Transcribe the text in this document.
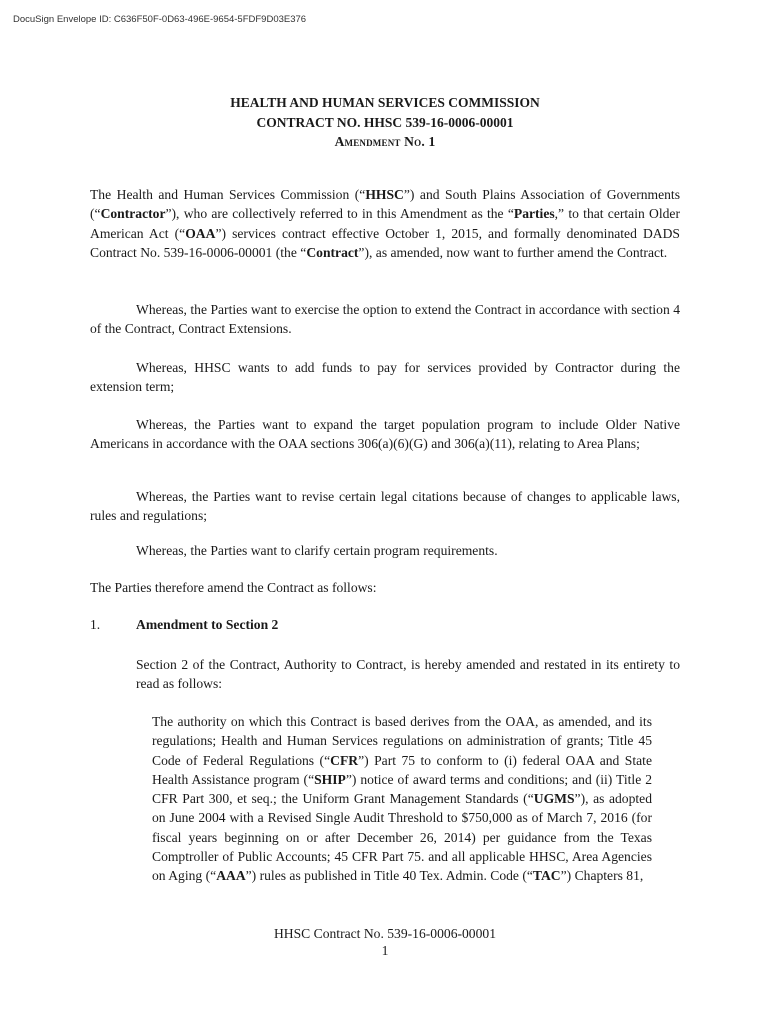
DocuSign Envelope ID: C636F50F-0D63-496E-9654-5FDF9D03E376
HEALTH AND HUMAN SERVICES COMMISSION
CONTRACT NO. HHSC 539-16-0006-00001
Amendment No. 1

The Health and Human Services Commission (“HHSC”) and South Plains Association of Governments (“Contractor”), who are collectively referred to in this Amendment as the “Parties,” to that certain Older American Act (“OAA”) services contract effective October 1, 2015, and formally denominated DADS Contract No. 539-16-0006-00001 (the “Contract”), as amended, now want to further amend the Contract.

Whereas, the Parties want to exercise the option to extend the Contract in accordance with section 4 of the Contract, Contract Extensions.

Whereas, HHSC wants to add funds to pay for services provided by Contractor during the extension term;

Whereas, the Parties want to expand the target population program to include Older Native Americans in accordance with the OAA sections 306(a)(6)(G) and 306(a)(11), relating to Area Plans;

Whereas, the Parties want to revise certain legal citations because of changes to applicable laws, rules and regulations;

Whereas, the Parties want to clarify certain program requirements.

The Parties therefore amend the Contract as follows:

1.	Amendment to Section 2

Section 2 of the Contract, Authority to Contract, is hereby amended and restated in its entirety to read as follows:

The authority on which this Contract is based derives from the OAA, as amended, and its regulations; Health and Human Services regulations on administration of grants; Title 45 Code of Federal Regulations (“CFR”) Part 75 to conform to (i) federal OAA and State Health Assistance program (“SHIP”) notice of award terms and conditions; and (ii) Title 2 CFR Part 300, et seq.; the Uniform Grant Management Standards (“UGMS”), as adopted on June 2004 with a Revised Single Audit Threshold to $750,000 as of March 7, 2016 (for fiscal years beginning on or after December 26, 2014) per guidance from the Texas Comptroller of Public Accounts; 45 CFR Part 75. and all applicable HHSC, Area Agencies on Aging (“AAA”) rules as published in Title 40 Tex. Admin. Code (“TAC”) Chapters 81,

HHSC Contract No. 539-16-0006-00001
1
